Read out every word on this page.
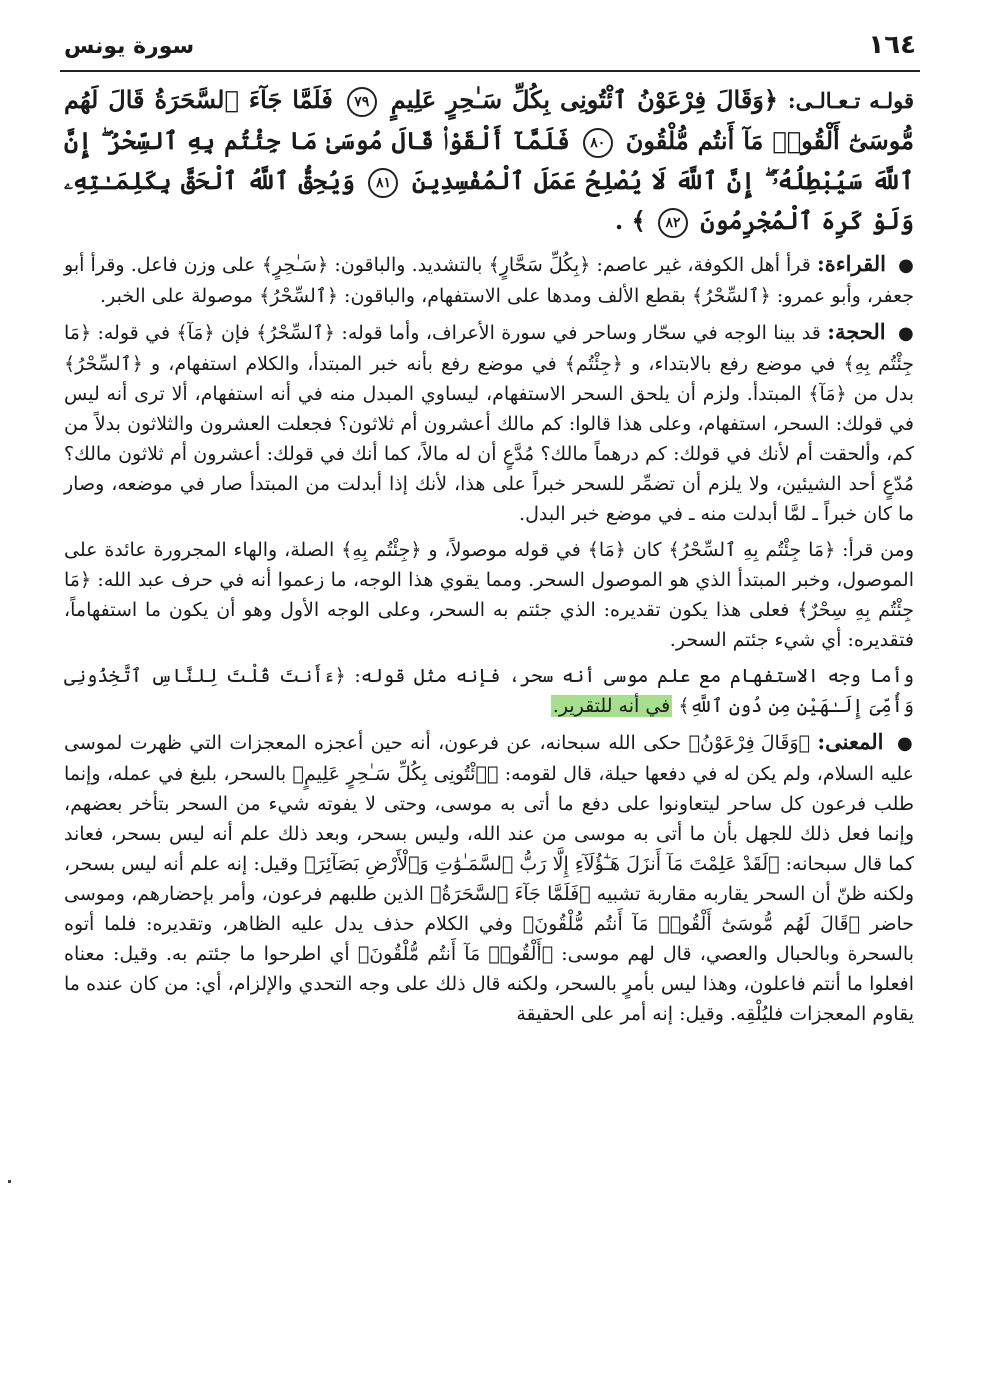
١٦٤
سورة يونس

قولـه تـعـالـى: ﴿وَقَالَ فِرْعَوْنُ ٱئْتُونِى بِكُلِّ سَـٰحِرٍ عَلِيمٍ ٧٩ فَلَمَّا جَآءَ ٱلسَّحَرَةُ قَالَ لَهُم مُّوسَىٰٓ أَلْقُوا۟ مَآ أَنتُم مُّلْقُونَ ٨٠ فَلَمَّآ أَلْقَوْا۟ قَالَ مُوسَىٰ مَا جِئْتُم بِهِ ٱلسِّحْرُ ۖ إِنَّ ٱللَّهَ سَيُبْطِلُهُۥٓ ۖ إِنَّ ٱللَّهَ لَا يُصْلِحُ عَمَلَ ٱلْمُفْسِدِينَ ٨١ وَيُحِقُّ ٱللَّهُ ٱلْحَقَّ بِكَلِمَـٰتِهِۦ وَلَوْ كَرِهَ ٱلْمُجْرِمُونَ ٨٢ ﴾ .

● القراءة: قرأ أهل الكوفة، غير عاصم: ﴿بِكُلِّ سَحَّارٍ﴾ بالتشديد. والباقون: ﴿سَـٰحِرٍ﴾ على وزن فاعل. وقرأ أبو جعفر، وأبو عمرو: ﴿ٱلسِّحْرُ﴾ بقطع الألف ومدها على الاستفهام، والباقون: ﴿ٱلسِّحْرُ﴾ موصولة على الخبر.

● الحجة: قد بينا الوجه في سحّار وساحر في سورة الأعراف، وأما قوله: ﴿ٱلسِّحْرُ﴾ فإن ﴿مَآ﴾ في قوله: ﴿مَا جِئْتُم بِهِ﴾ في موضع رفع بالابتداء، و ﴿جِئْتُم﴾ في موضع رفع بأنه خبر المبتدأ، والكلام استفهام، و ﴿ٱلسِّحْرُ﴾ بدل من ﴿مَآ﴾ المبتدأ. ولزم أن يلحق السحر الاستفهام، ليساوي المبدل منه في أنه استفهام، ألا ترى أنه ليس في قولك: السحر، استفهام، وعلى هذا قالوا: كم مالك أعشرون أم ثلاثون؟ فجعلت العشرون والثلاثون بدلاً من كم، وألحقت أم لأنك في قولك: كم درهماً مالك؟ مُدَّعٍ أن له مالاً، كما أنك في قولك: أعشرون أم ثلاثون مالك؟ مُدّعٍ أحد الشيئين، ولا يلزم أن تضمِّر للسحر خبراً على هذا، لأنك إذا أبدلت من المبتدأ صار في موضعه، وصار ما كان خبراً ـ لمَّا أبدلت منه ـ في موضع خبر البدل.

ومن قرأ: ﴿مَا جِئْتُم بِهِ ٱلسِّحْرُ﴾ كان ﴿مَا﴾ في قوله موصولاً، و ﴿جِئْتُم بِهِ﴾ الصلة، والهاء المجرورة عائدة على الموصول، وخبر المبتدأ الذي هو الموصول السحر. ومما يقوي هذا الوجه، ما زعموا أنه في حرف عبد الله: ﴿مَا جِئْتُم بِهِ سِحْرٌ﴾ فعلى هذا يكون تقديره: الذي جئتم به السحر، وعلى الوجه الأول وهو أن يكون ما استفهاماً، فتقديره: أي شيء جئتم السحر.

وأما وجه الاستفهام مع علم موسى أنه سحر، فإنه مثل قوله: ﴿ءَأَنتَ قُلْتَ لِلنَّاسِ ٱتَّخِذُونِى وَأُمِّىَ إِلَـٰهَيْنِ مِن دُونِ ٱللَّهِ﴾ في أنه للتقرير.

● المعنى: ﴿وَقَالَ فِرْعَوْنُ﴾ حكى الله سبحانه، عن فرعون، أنه حين أعجزه المعجزات التي ظهرت لموسى عليه السلام، ولم يكن له في دفعها حيلة، قال لقومه: ﴿ٱئْتُونِى بِكُلِّ سَـٰحِرٍ عَلِيمٍ﴾ بالسحر، بليغ في عمله، وإنما طلب فرعون كل ساحر ليتعاونوا على دفع ما أتى به موسى، وحتى لا يفوته شيء من السحر بتأخر بعضهم، وإنما فعل ذلك للجهل بأن ما أتى به موسى من عند الله، وليس بسحر، وبعد ذلك علم أنه ليس بسحر، فعاند كما قال سبحانه: ﴿لَقَدْ عَلِمْتَ مَآ أَنزَلَ هَـٰٓؤُلَآءِ إِلَّا رَبُّ ٱلسَّمَـٰوَٰتِ وَٱلْأَرْضِ بَصَآئِرَ﴾ وقيل: إنه علم أنه ليس بسحر، ولكنه ظنّ أن السحر يقاربه مقاربة تشبيه ﴿فَلَمَّا جَآءَ ٱلسَّحَرَةُ﴾ الذين طلبهم فرعون، وأمر بإحضارهم، وموسى حاضر ﴿قَالَ لَهُم مُّوسَىٰٓ أَلْقُوا۟ مَآ أَنتُم مُّلْقُونَ﴾ وفي الكلام حذف يدل عليه الظاهر، وتقديره: فلما أتوه بالسحرة وبالحبال والعصي، قال لهم موسى: ﴿أَلْقُوا۟ مَآ أَنتُم مُّلْقُونَ﴾ أي اطرحوا ما جئتم به. وقيل: معناه افعلوا ما أنتم فاعلون، وهذا ليس بأمرٍ بالسحر، ولكنه قال ذلك على وجه التحدي والإلزام، أي: من كان عنده ما يقاوم المعجزات فليُلْقِه. وقيل: إنه أمر على الحقيقة
